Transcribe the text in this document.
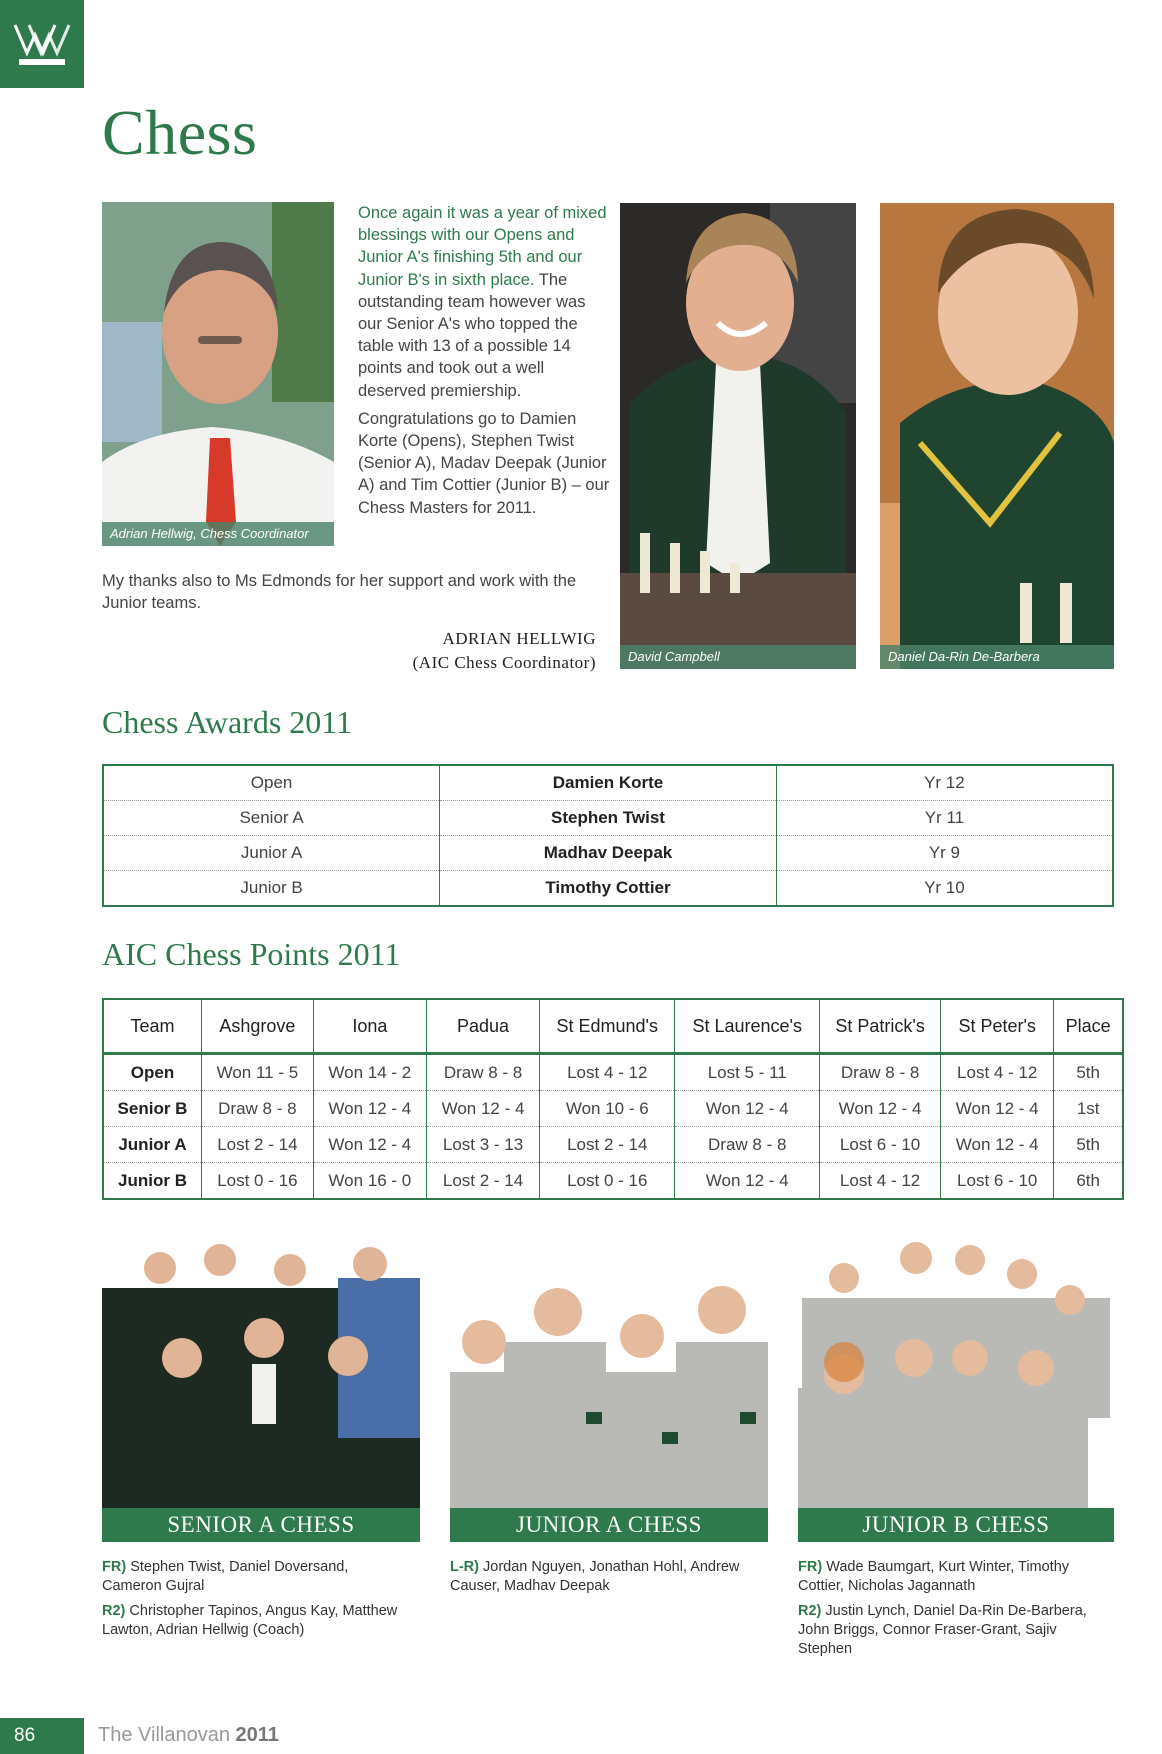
Chess
Adrian Hellwig, Chess Coordinator

Once again it was a year of mixed blessings with our Opens and Junior A's finishing 5th and our Junior B's in sixth place. The outstanding team however was our Senior A's who topped the table with 13 of a possible 14 points and took out a well deserved premiership.

Congratulations go to Damien Korte (Opens), Stephen Twist (Senior A), Madav Deepak (Junior A) and Tim Cottier (Junior B) – our Chess Masters for 2011.

My thanks also to Ms Edmonds for her support and work with the Junior teams.

ADRIAN HELLWIG
(AIC Chess Coordinator)	David Campbell	Daniel Da-Rin De-Barbera
Chess Awards 2011
Open	Damien Korte	Yr 12
Senior A	Stephen Twist	Yr 11
Junior A	Madhav Deepak	Yr 9
Junior B	Timothy Cottier	Yr 10
AIC Chess Points 2011
Team	Ashgrove	Iona	Padua	St Edmund's	St Laurence's	St Patrick's	St Peter's	Place
Open	Won 11 - 5	Won 14 - 2	Draw 8 - 8	Lost 4 - 12	Lost 5 - 11	Draw 8 - 8	Lost 4 - 12	5th
Senior B	Draw 8 - 8	Won 12 - 4	Won 12 - 4	Won 10 - 6	Won 12 - 4	Won 12 - 4	Won 12 - 4	1st
Junior A	Lost 2 - 14	Won 12 - 4	Lost 3 - 13	Lost 2 - 14	Draw 8 - 8	Lost 6 - 10	Won 12 - 4	5th
Junior B	Lost 0 - 16	Won 16 - 0	Lost 2 - 14	Lost 0 - 16	Won 12 - 4	Lost 4 - 12	Lost 6 - 10	6th
SENIOR A CHESS	JUNIOR A CHESS	JUNIOR B CHESS
FR) Stephen Twist, Daniel Doversand, Cameron Gujral
R2) Christopher Tapinos, Angus Kay, Matthew Lawton, Adrian Hellwig (Coach)
L-R) Jordan Nguyen, Jonathan Hohl, Andrew Causer, Madhav Deepak
FR) Wade Baumgart, Kurt Winter, Timothy Cottier, Nicholas Jagannath
R2) Justin Lynch, Daniel Da-Rin De-Barbera, John Briggs, Connor Fraser-Grant, Sajiv Stephen
86	The Villanovan 2011
